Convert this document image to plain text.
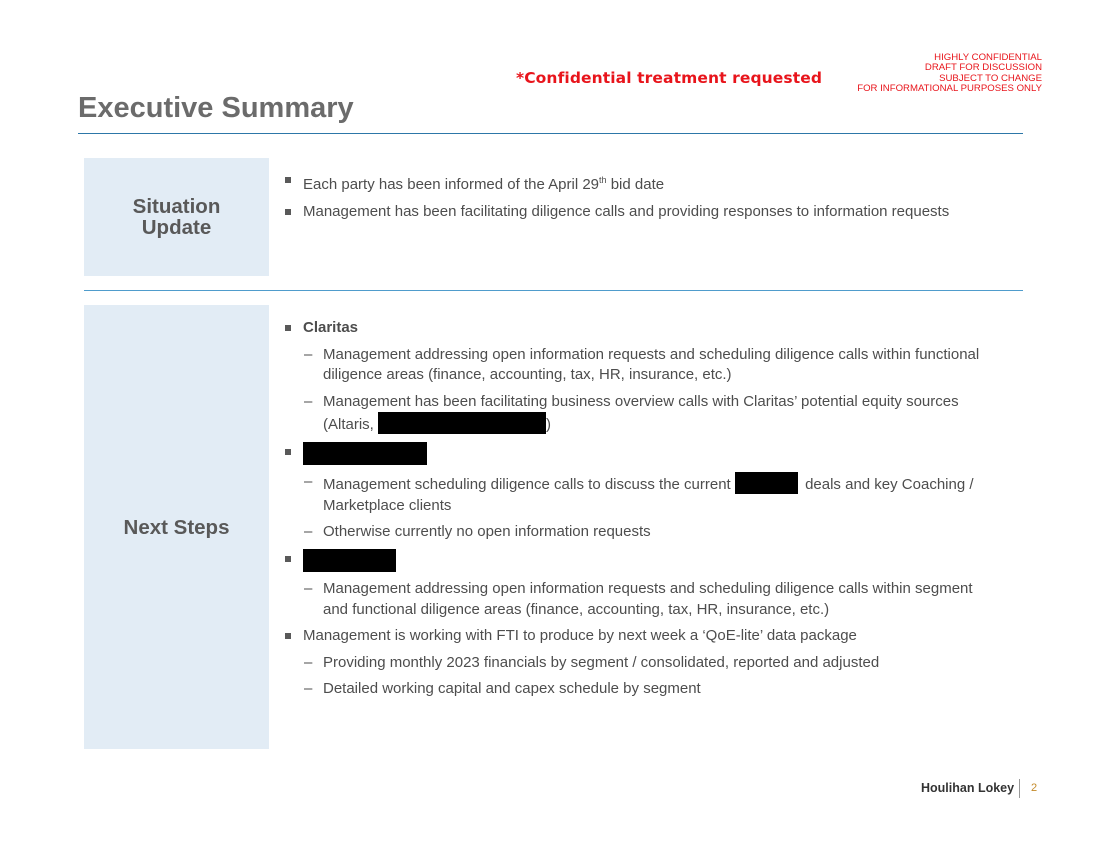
*Confidential treatment requested
HIGHLY CONFIDENTIAL
DRAFT FOR DISCUSSION
SUBJECT TO CHANGE
FOR INFORMATIONAL PURPOSES ONLY
Executive Summary
Situation
Update
Each party has been informed of the April 29th bid date
Management has been facilitating diligence calls and providing responses to information requests
Next Steps
Claritas
– Management addressing open information requests and scheduling diligence calls within functional diligence areas (finance, accounting, tax, HR, insurance, etc.)
– Management has been facilitating business overview calls with Claritas’ potential equity sources (Altaris,	)
– Management scheduling diligence calls to discuss the current	deals and key Coaching / Marketplace clients
– Otherwise currently no open information requests
– Management addressing open information requests and scheduling diligence calls within segment and functional diligence areas (finance, accounting, tax, HR, insurance, etc.)
Management is working with FTI to produce by next week a ‘QoE-lite’ data package
– Providing monthly 2023 financials by segment / consolidated, reported and adjusted
– Detailed working capital and capex schedule by segment
Houlihan Lokey 2
